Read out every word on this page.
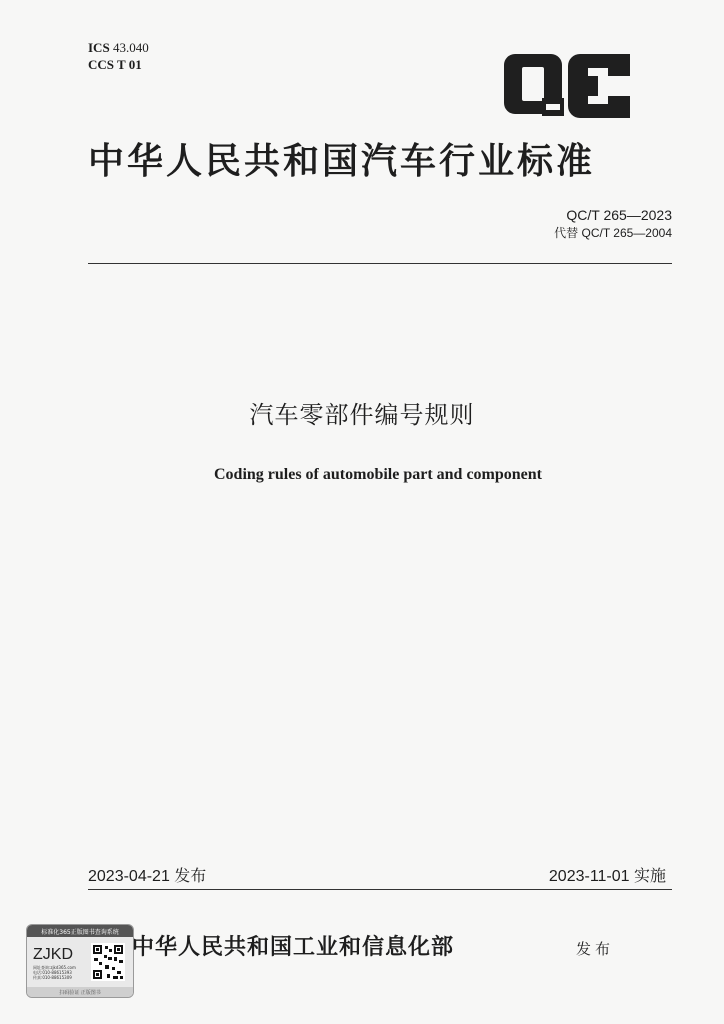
ICS 43.040
CCS T 01
中华人民共和国汽车行业标准
QC/T 265—2023
代替 QC/T 265—2004
汽车零部件编号规则
Coding rules of automobile part and component
2023-04-21 发布	2023-11-01 实施
标准化365正版图书查询系统
ZJKD
网址查询:zjkd365.com
电话:010-88615393
传真:010-88615309
扫码验证 正版图书
中华人民共和国工业和信息化部	发布
